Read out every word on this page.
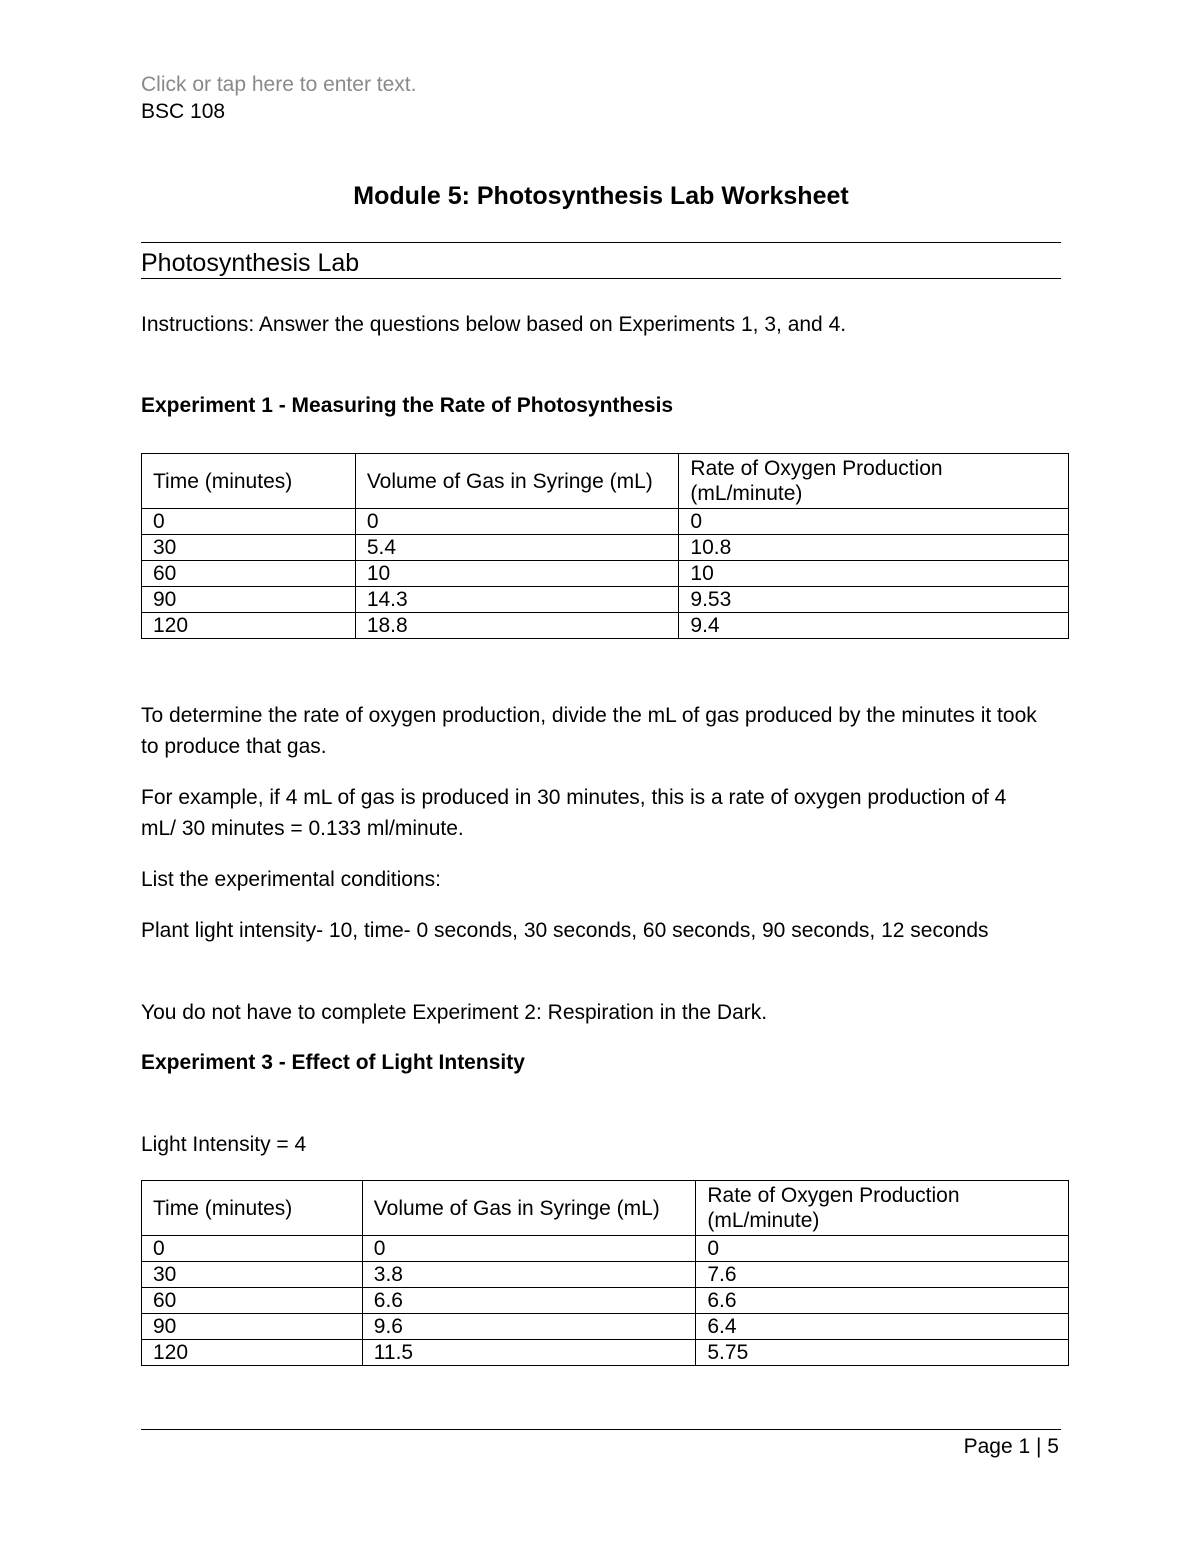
Click or tap here to enter text.
BSC 108
Module 5: Photosynthesis Lab Worksheet
Photosynthesis Lab
Instructions: Answer the questions below based on Experiments 1, 3, and 4.
Experiment 1 - Measuring the Rate of Photosynthesis
Time (minutes)	Volume of Gas in Syringe (mL)	Rate of Oxygen Production (mL/minute)
0	0	0
30	5.4	10.8
60	10	10
90	14.3	9.53
120	18.8	9.4
To determine the rate of oxygen production, divide the mL of gas produced by the minutes it took to produce that gas.
For example, if 4 mL of gas is produced in 30 minutes, this is a rate of oxygen production of 4 mL/ 30 minutes = 0.133 ml/minute.
List the experimental conditions:
Plant light intensity- 10, time- 0 seconds, 30 seconds, 60 seconds, 90 seconds, 12 seconds
You do not have to complete Experiment 2: Respiration in the Dark.
Experiment 3 - Effect of Light Intensity
Light Intensity = 4
Time (minutes)	Volume of Gas in Syringe (mL)	Rate of Oxygen Production (mL/minute)
0	0	0
30	3.8	7.6
60	6.6	6.6
90	9.6	6.4
120	11.5	5.75
Page 1 | 5
